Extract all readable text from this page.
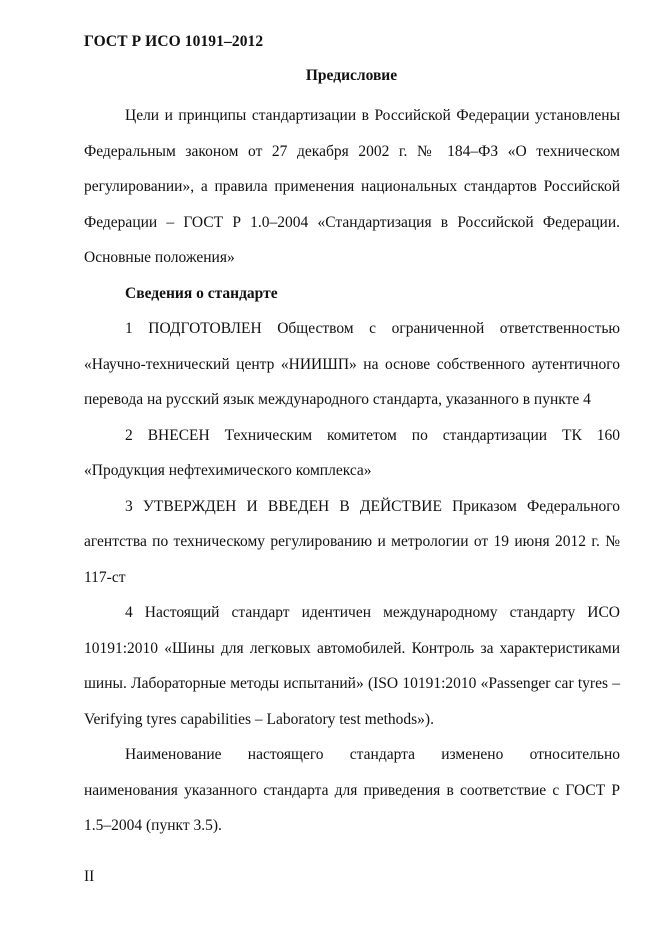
ГОСТ Р ИСО 10191–2012
Предисловие

Цели и принципы стандартизации в Российской Федерации установлены Федеральным законом от 27 декабря 2002 г. № 184–ФЗ «О техническом регулировании», а правила применения национальных стандартов Российской Федерации – ГОСТ Р 1.0–2004 «Стандартизация в Российской Федерации. Основные положения»

Сведения о стандарте

1 ПОДГОТОВЛЕН Обществом с ограниченной ответственностью «Научно-технический центр «НИИШП» на основе собственного аутентичного перевода на русский язык международного стандарта, указанного в пункте 4

2 ВНЕСЕН Техническим комитетом по стандартизации ТК 160 «Продукция нефтехимического комплекса»

3 УТВЕРЖДЕН И ВВЕДЕН В ДЕЙСТВИЕ Приказом Федерального агентства по техническому регулированию и метрологии от 19 июня 2012 г. № 117-ст

4 Настоящий стандарт идентичен международному стандарту ИСО 10191:2010 «Шины для легковых автомобилей. Контроль за характеристиками шины. Лабораторные методы испытаний» (ISO 10191:2010 «Passenger car tyres – Verifying tyres capabilities – Laboratory test methods»).

Наименование настоящего стандарта изменено относительно наименования указанного стандарта для приведения в соответствие с ГОСТ Р 1.5–2004 (пункт 3.5).

II
